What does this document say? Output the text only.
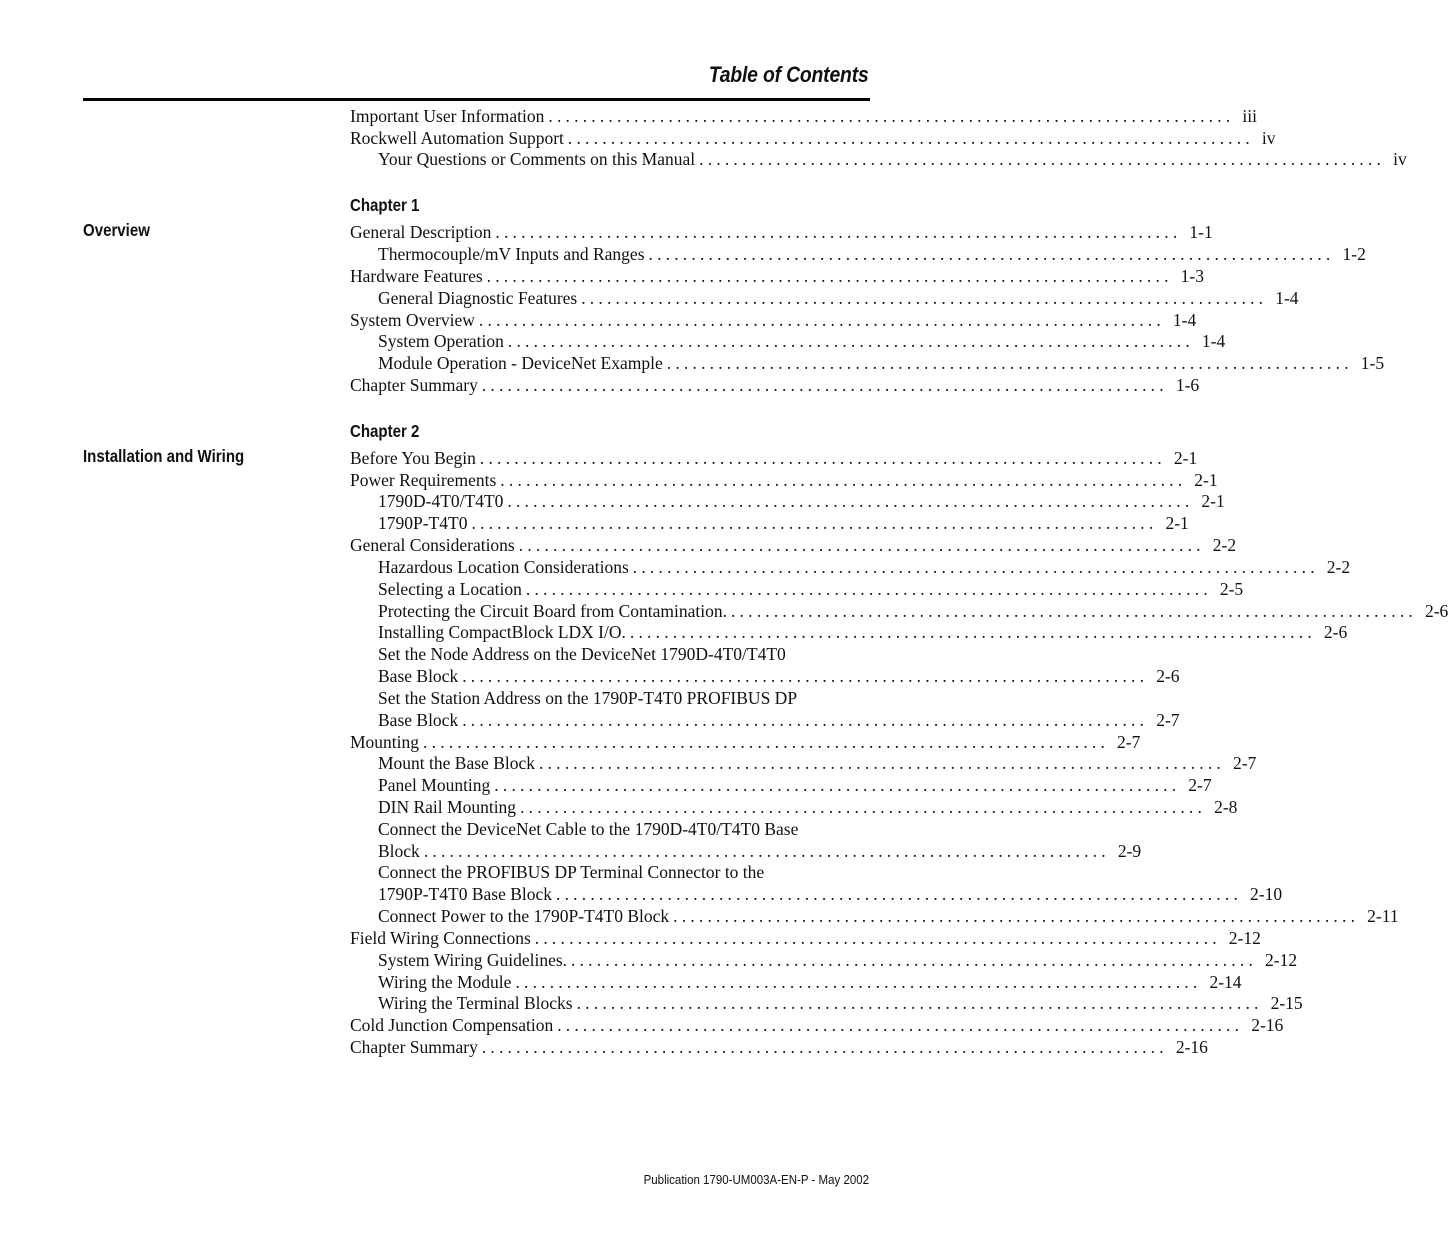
Table of Contents
Important User Information ................................................................................ iii
Rockwell Automation Support ................................................................................ iv
Your Questions or Comments on this Manual ................................................................................ iv
Chapter 1
Overview	General Description ................................................................................ 1-1
Thermocouple/mV Inputs and Ranges ................................................................................ 1-2
Hardware Features ................................................................................ 1-3
General Diagnostic Features ................................................................................ 1-4
System Overview ................................................................................ 1-4
System Operation ................................................................................ 1-4
Module Operation - DeviceNet Example ................................................................................ 1-5
Chapter Summary ................................................................................ 1-6
Chapter 2
Installation and Wiring	Before You Begin ................................................................................ 2-1
Power Requirements ................................................................................ 2-1
1790D-4T0/T4T0 ................................................................................ 2-1
1790P-T4T0 ................................................................................ 2-1
General Considerations ................................................................................ 2-2
Hazardous Location Considerations ................................................................................ 2-2
Selecting a Location ................................................................................ 2-5
Protecting the Circuit Board from Contamination. ................................................................................ 2-6
Installing CompactBlock LDX I/O. ................................................................................ 2-6
Set the Node Address on the DeviceNet 1790D-4T0/T4T0
Base Block ................................................................................ 2-6
Set the Station Address on the 1790P-T4T0 PROFIBUS DP
Base Block ................................................................................ 2-7
Mounting ................................................................................ 2-7
Mount the Base Block ................................................................................ 2-7
Panel Mounting ................................................................................ 2-7
DIN Rail Mounting ................................................................................ 2-8
Connect the DeviceNet Cable to the 1790D-4T0/T4T0 Base
Block ................................................................................ 2-9
Connect the PROFIBUS DP Terminal Connector to the
1790P-T4T0 Base Block ................................................................................ 2-10
Connect Power to the 1790P-T4T0 Block ................................................................................ 2-11
Field Wiring Connections ................................................................................ 2-12
System Wiring Guidelines. ................................................................................ 2-12
Wiring the Module ................................................................................ 2-14
Wiring the Terminal Blocks ................................................................................ 2-15
Cold Junction Compensation ................................................................................ 2-16
Chapter Summary ................................................................................ 2-16
Publication 1790-UM003A-EN-P - May 2002
